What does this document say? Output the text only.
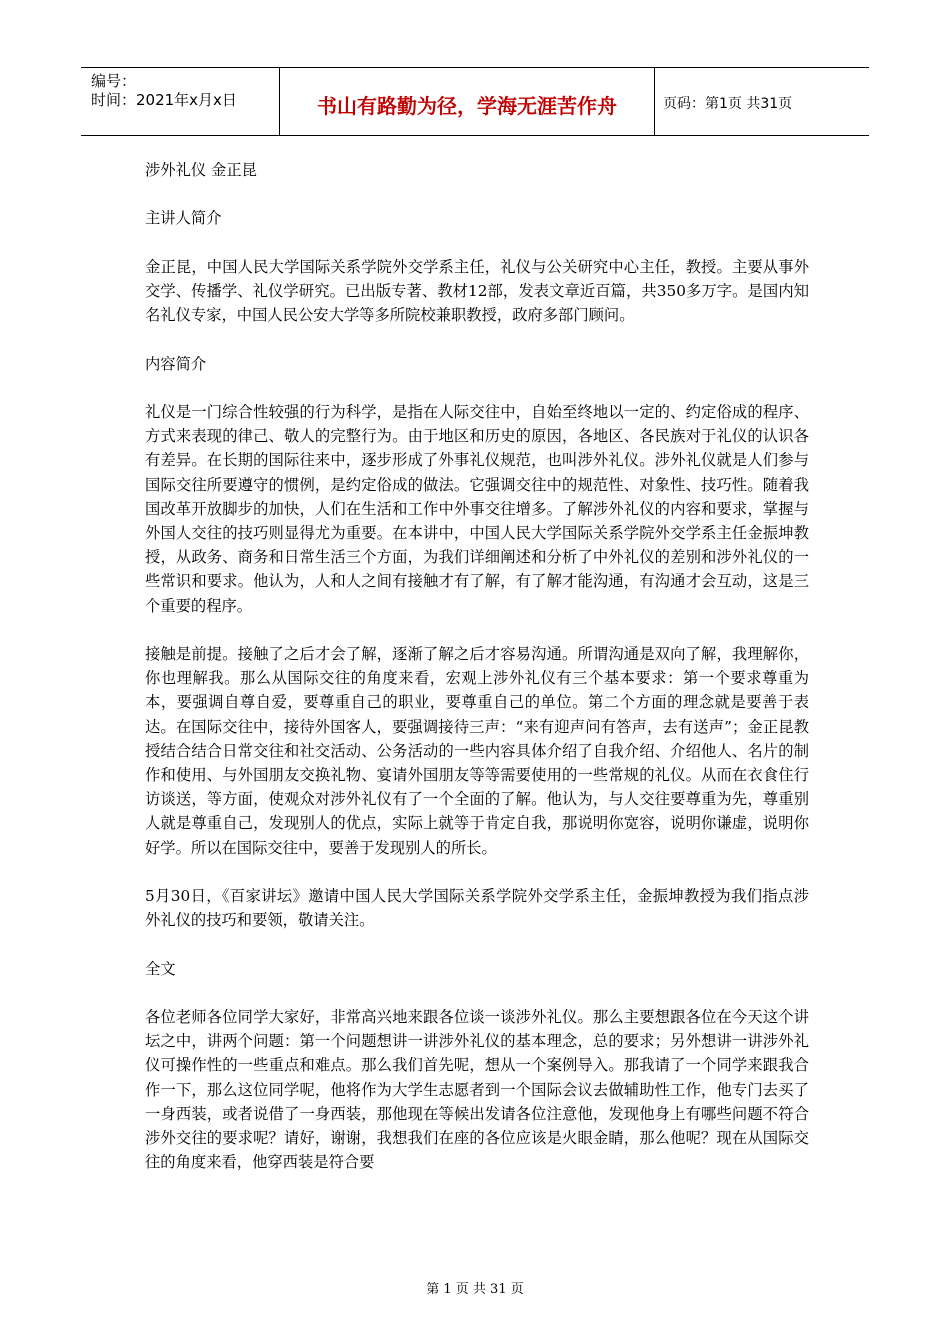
编号：
时间：2021年x月x日	书山有路勤为径，学海无涯苦作舟	页码：第1页 共31页

涉外礼仪 金正昆

主讲人简介

金正昆，中国人民大学国际关系学院外交学系主任，礼仪与公关研究中心主任，教授。主要从事外交学、传播学、礼仪学研究。已出版专著、教材12部，发表文章近百篇，共350多万字。是国内知名礼仪专家，中国人民公安大学等多所院校兼职教授，政府多部门顾问。

内容简介

礼仪是一门综合性较强的行为科学，是指在人际交往中，自始至终地以一定的、约定俗成的程序、方式来表现的律己、敬人的完整行为。由于地区和历史的原因，各地区、各民族对于礼仪的认识各有差异。在长期的国际往来中，逐步形成了外事礼仪规范，也叫涉外礼仪。涉外礼仪就是人们参与国际交往所要遵守的惯例，是约定俗成的做法。它强调交往中的规范性、对象性、技巧性。随着我国改革开放脚步的加快，人们在生活和工作中外事交往增多。了解涉外礼仪的内容和要求，掌握与外国人交往的技巧则显得尤为重要。在本讲中，中国人民大学国际关系学院外交学系主任金振坤教授，从政务、商务和日常生活三个方面，为我们详细阐述和分析了中外礼仪的差别和涉外礼仪的一些常识和要求。他认为，人和人之间有接触才有了解，有了解才能沟通，有沟通才会互动，这是三个重要的程序。

接触是前提。接触了之后才会了解，逐渐了解之后才容易沟通。所谓沟通是双向了解，我理解你，你也理解我。那么从国际交往的角度来看，宏观上涉外礼仪有三个基本要求：第一个要求尊重为本，要强调自尊自爱，要尊重自己的职业，要尊重自己的单位。第二个方面的理念就是要善于表达。在国际交往中，接待外国客人，要强调接待三声：“来有迎声问有答声，去有送声”；金正昆教授结合结合日常交往和社交活动、公务活动的一些内容具体介绍了自我介绍、介绍他人、名片的制作和使用、与外国朋友交换礼物、宴请外国朋友等等需要使用的一些常规的礼仪。从而在衣食住行访谈送，等方面，使观众对涉外礼仪有了一个全面的了解。他认为，与人交往要尊重为先，尊重别人就是尊重自己，发现别人的优点，实际上就等于肯定自我，那说明你宽容，说明你谦虚，说明你好学。所以在国际交往中，要善于发现别人的所长。

5月30日，《百家讲坛》邀请中国人民大学国际关系学院外交学系主任，金振坤教授为我们指点涉外礼仪的技巧和要领，敬请关注。

全文

各位老师各位同学大家好，非常高兴地来跟各位谈一谈涉外礼仪。那么主要想跟各位在今天这个讲坛之中，讲两个问题：第一个问题想讲一讲涉外礼仪的基本理念，总的要求；另外想讲一讲涉外礼仪可操作性的一些重点和难点。那么我们首先呢，想从一个案例导入。那我请了一个同学来跟我合作一下，那么这位同学呢，他将作为大学生志愿者到一个国际会议去做辅助性工作，他专门去买了一身西装，或者说借了一身西装，那他现在等候出发请各位注意他，发现他身上有哪些问题不符合涉外交往的要求呢？请好，谢谢，我想我们在座的各位应该是火眼金睛，那么他呢？现在从国际交往的角度来看，他穿西装是符合要

第 1 页 共 31 页
